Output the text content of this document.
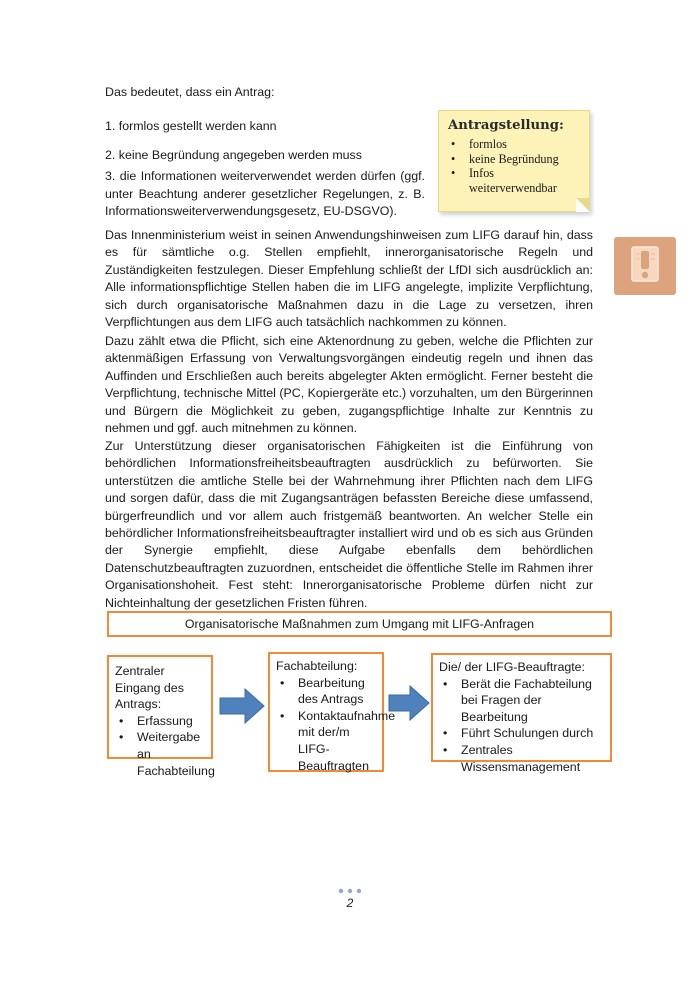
Das bedeutet, dass ein Antrag:
1. formlos gestellt werden kann
2. keine Begründung angegeben werden muss
3. die Informationen weiterverwendet werden dürfen (ggf. unter Beachtung anderer gesetzlicher Regelungen, z. B. Informationsweiterverwendungsgesetz, EU-DSGVO).
Antragstellung:
• formlos
• keine Begründung
• Infos weiterverwendbar
Das Innenministerium weist in seinen Anwendungshinweisen zum LIFG darauf hin, dass es für sämtliche o.g. Stellen empfiehlt, innerorganisatorische Regeln und Zuständigkeiten festzulegen. Dieser Empfehlung schließt der LfDI sich ausdrücklich an: Alle informationspflichtige Stellen haben die im LIFG angelegte, implizite Verpflichtung, sich durch organisatorische Maßnahmen dazu in die Lage zu versetzen, ihren Verpflichtungen aus dem LIFG auch tatsächlich nachkommen zu können.
Dazu zählt etwa die Pflicht, sich eine Aktenordnung zu geben, welche die Pflichten zur aktenmäßigen Erfassung von Verwaltungsvorgängen eindeutig regeln und ihnen das Auffinden und Erschließen auch bereits abgelegter Akten ermöglicht. Ferner besteht die Verpflichtung, technische Mittel (PC, Kopiergeräte etc.) vorzuhalten, um den Bürgerinnen und Bürgern die Möglichkeit zu geben, zugangspflichtige Inhalte zur Kenntnis zu nehmen und ggf. auch mitnehmen zu können.
Zur Unterstützung dieser organisatorischen Fähigkeiten ist die Einführung von behördlichen Informationsfreiheitsbeauftragten ausdrücklich zu befürworten. Sie unterstützen die amtliche Stelle bei der Wahrnehmung ihrer Pflichten nach dem LIFG und sorgen dafür, dass die mit Zugangsanträgen befassten Bereiche diese umfassend, bürgerfreundlich und vor allem auch fristgemäß beantworten. An welcher Stelle ein behördlicher Informationsfreiheitsbeauftragter installiert wird und ob es sich aus Gründen der Synergie empfiehlt, diese Aufgabe ebenfalls dem behördlichen Datenschutzbeauftragten zuzuordnen, entscheidet die öffentliche Stelle im Rahmen ihrer Organisationshoheit. Fest steht: Innerorganisatorische Probleme dürfen nicht zur Nichteinhaltung der gesetzlichen Fristen führen.
Organisatorische Maßnahmen zum Umgang mit LIFG-Anfragen
Zentraler Eingang des Antrags:
• Erfassung
• Weitergabe an Fachabteilung
Fachabteilung:
• Bearbeitung des Antrags
• Kontaktaufnahme mit der/m LIFG-Beauftragten
Die/ der LIFG-Beauftragte:
• Berät die Fachabteilung bei Fragen der Bearbeitung
• Führt Schulungen durch
• Zentrales Wissensmanagement
2
